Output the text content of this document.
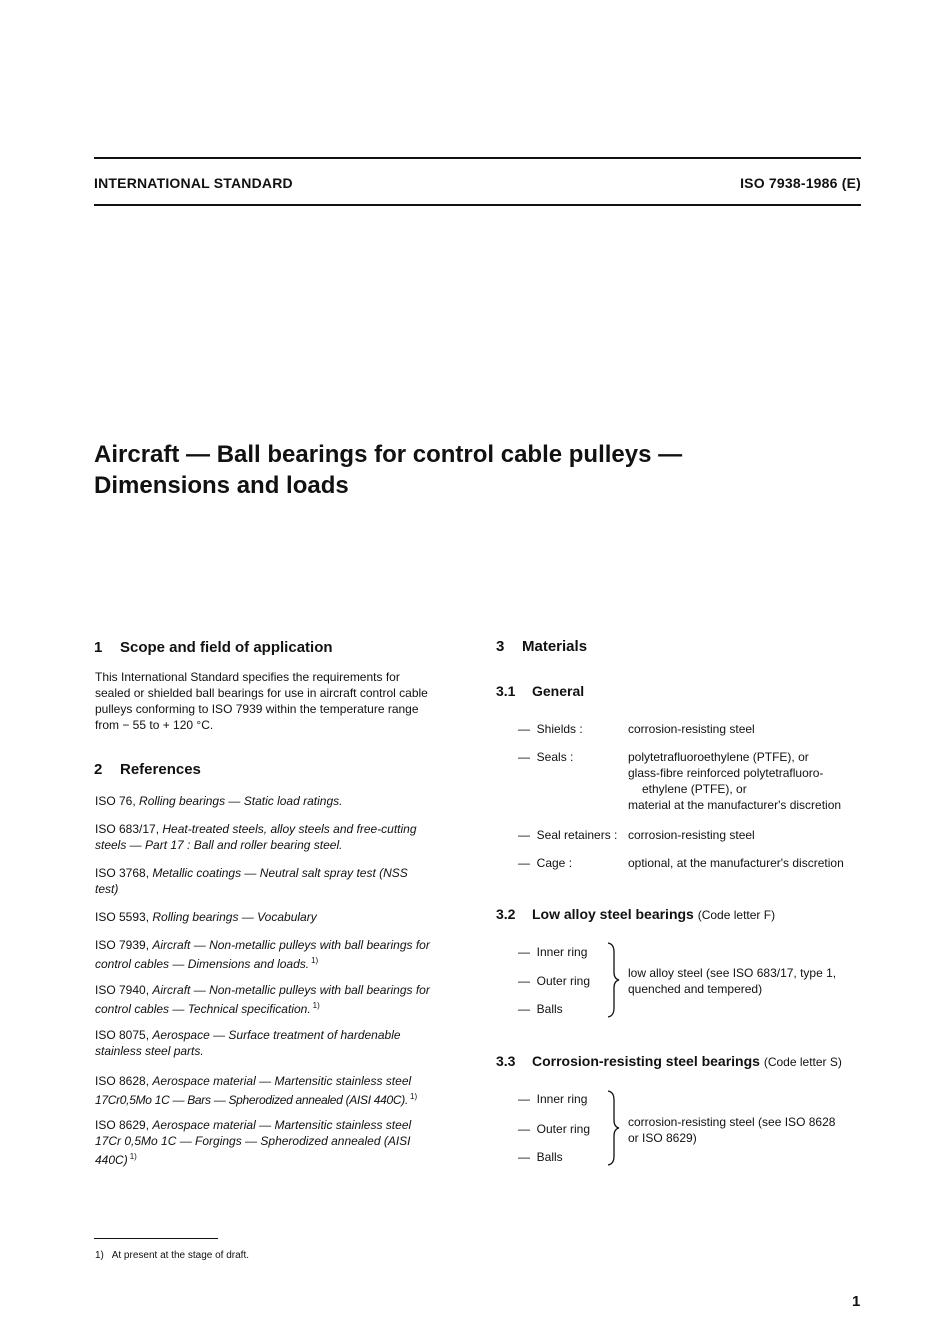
INTERNATIONAL STANDARD	ISO 7938-1986 (E)
Aircraft — Ball bearings for control cable pulleys —
Dimensions and loads
1 Scope and field of application
This International Standard specifies the requirements for
sealed or shielded ball bearings for use in aircraft control cable
pulleys conforming to ISO 7939 within the temperature range
from − 55 to + 120 °C.
2 References
ISO 76, Rolling bearings — Static load ratings.
ISO 683/17, Heat-treated steels, alloy steels and free-cutting
steels — Part 17 : Ball and roller bearing steel.
ISO 3768, Metallic coatings — Neutral salt spray test (NSS
test)
ISO 5593, Rolling bearings — Vocabulary
ISO 7939, Aircraft — Non-metallic pulleys with ball bearings for
control cables — Dimensions and loads. $^{1)}$
ISO 7940, Aircraft — Non-metallic pulleys with ball bearings for
control cables — Technical specification. $^{1)}$
ISO 8075, Aerospace — Surface treatment of hardenable
stainless steel parts.
ISO 8628, Aerospace material — Martensitic stainless steel
17Cr0,5Mo 1C — Bars — Spherodized annealed (AISI 440C). $^{1)}$
ISO 8629, Aerospace material — Martensitic stainless steel
17Cr 0,5Mo 1C — Forgings — Spherodized annealed (AISI
440C) $^{1)}$
3 Materials
3.1 General
— Shields :	corrosion-resisting steel
— Seals :	polytetrafluoroethylene (PTFE), or
glass-fibre reinforced polytetrafluoro-
ethylene (PTFE), or
material at the manufacturer's discretion
— Seal retainers : corrosion-resisting steel
— Cage :	optional, at the manufacturer's discretion
3.2 Low alloy steel bearings (Code letter F)
— Inner ring
— Outer ring
— Balls
low alloy steel (see ISO 683/17, type 1,
quenched and tempered)
3.3 Corrosion-resisting steel bearings (Code letter S)
— Inner ring
— Outer ring
— Balls
corrosion-resisting steel (see ISO 8628
or ISO 8629)
1) At present at the stage of draft.
1
